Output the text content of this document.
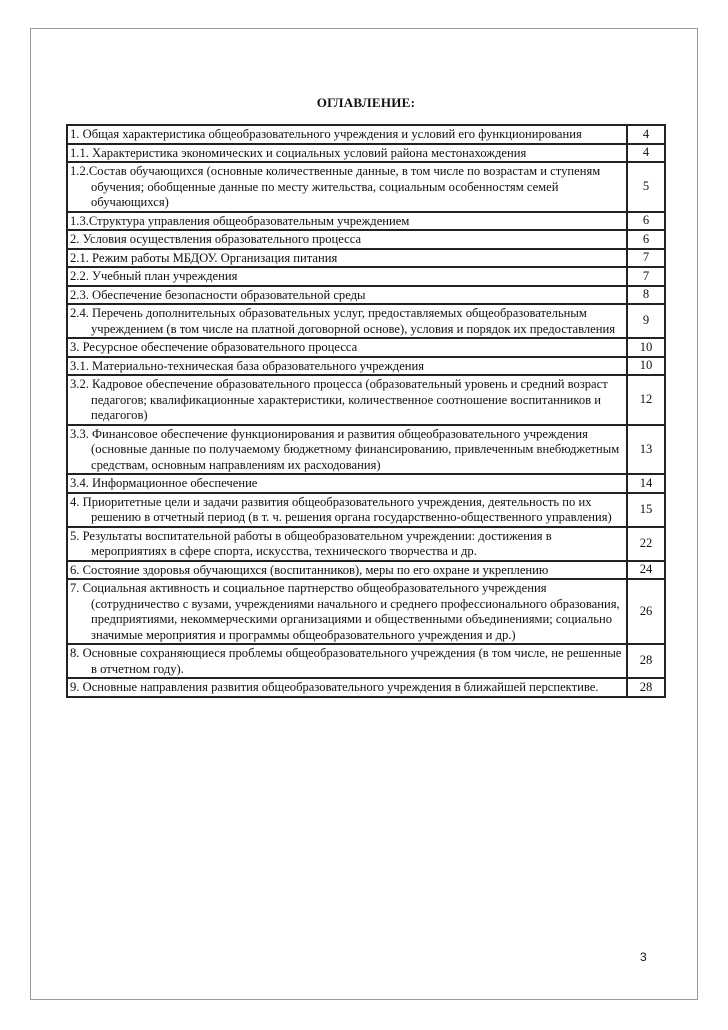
ОГЛАВЛЕНИЕ:
1. Общая характеристика общеобразовательного учреждения и условий его функционирования	4
1.1. Характеристика экономических и социальных условий района местонахождения	4
1.2.Состав обучающихся (основные количественные данные, в том числе по возрастам и ступеням обучения; обобщенные данные по месту жительства, социальным особенностям семей обучающихся)	5
1.3.Структура управления общеобразовательным учреждением	6
2. Условия осуществления образовательного процесса	6
2.1. Режим работы МБДОУ. Организация питания	7
2.2. Учебный план учреждения	7
2.3. Обеспечение безопасности образовательной среды	8
2.4. Перечень дополнительных образовательных услуг, предоставляемых общеобразовательным учреждением (в том числе на платной договорной основе), условия и порядок их предоставления	9
3. Ресурсное обеспечение образовательного процесса	10
3.1. Материально-техническая база образовательного учреждения	10
3.2. Кадровое обеспечение образовательного процесса (образовательный уровень и средний возраст педагогов; квалификационные характеристики, количественное соотношение воспитанников и педагогов)	12
3.3. Финансовое обеспечение функционирования и развития общеобразовательного учреждения (основные данные по получаемому бюджетному финансированию, привлеченным внебюджетным средствам, основным направлениям их расходования)	13
3.4. Информационное обеспечение	14
4. Приоритетные цели и задачи развития общеобразовательного учреждения, деятельность по их решению в отчетный период (в т. ч. решения органа государственно-общественного управления)	15
5. Результаты воспитательной работы в общеобразовательном учреждении: достижения в мероприятиях в сфере спорта, искусства, технического творчества и др.	22
6. Состояние здоровья обучающихся (воспитанников), меры по его охране и укреплению	24
7. Социальная активность и социальное партнерство общеобразовательного учреждения (сотрудничество с вузами, учреждениями начального и среднего профессионального образования, предприятиями, некоммерческими организациями и общественными объединениями; социально значимые мероприятия и программы общеобразовательного учреждения и др.)	26
8. Основные сохраняющиеся проблемы общеобразовательного учреждения (в том числе, не решенные в отчетном году).	28
9. Основные направления развития общеобразовательного учреждения в ближайшей перспективе.	28
3
